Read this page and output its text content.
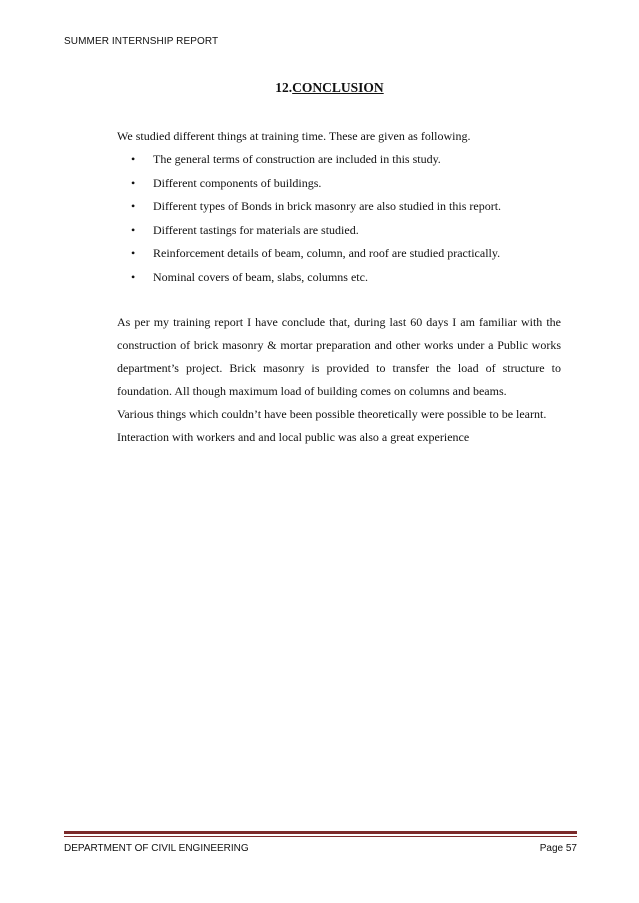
SUMMER INTERNSHIP REPORT
12.CONCLUSION

We studied different things at training time. These are given as following.

• The general terms of construction are included in this study.
• Different components of buildings.
• Different types of Bonds in brick masonry are also studied in this report.
• Different tastings for materials are studied.
• Reinforcement details of beam, column, and roof are studied practically.
• Nominal covers of beam, slabs, columns etc.

As per my training report I have conclude that, during last 60 days I am familiar with the construction of brick masonry & mortar preparation and other works under a Public works department’s project. Brick masonry is provided to transfer the load of structure to foundation. All though maximum load of building comes on columns and beams.

Various things which couldn’t have been possible theoretically were possible to be learnt.

Interaction with workers and and local public was also a great experience

DEPARTMENT OF CIVIL ENGINEERING	Page 57
